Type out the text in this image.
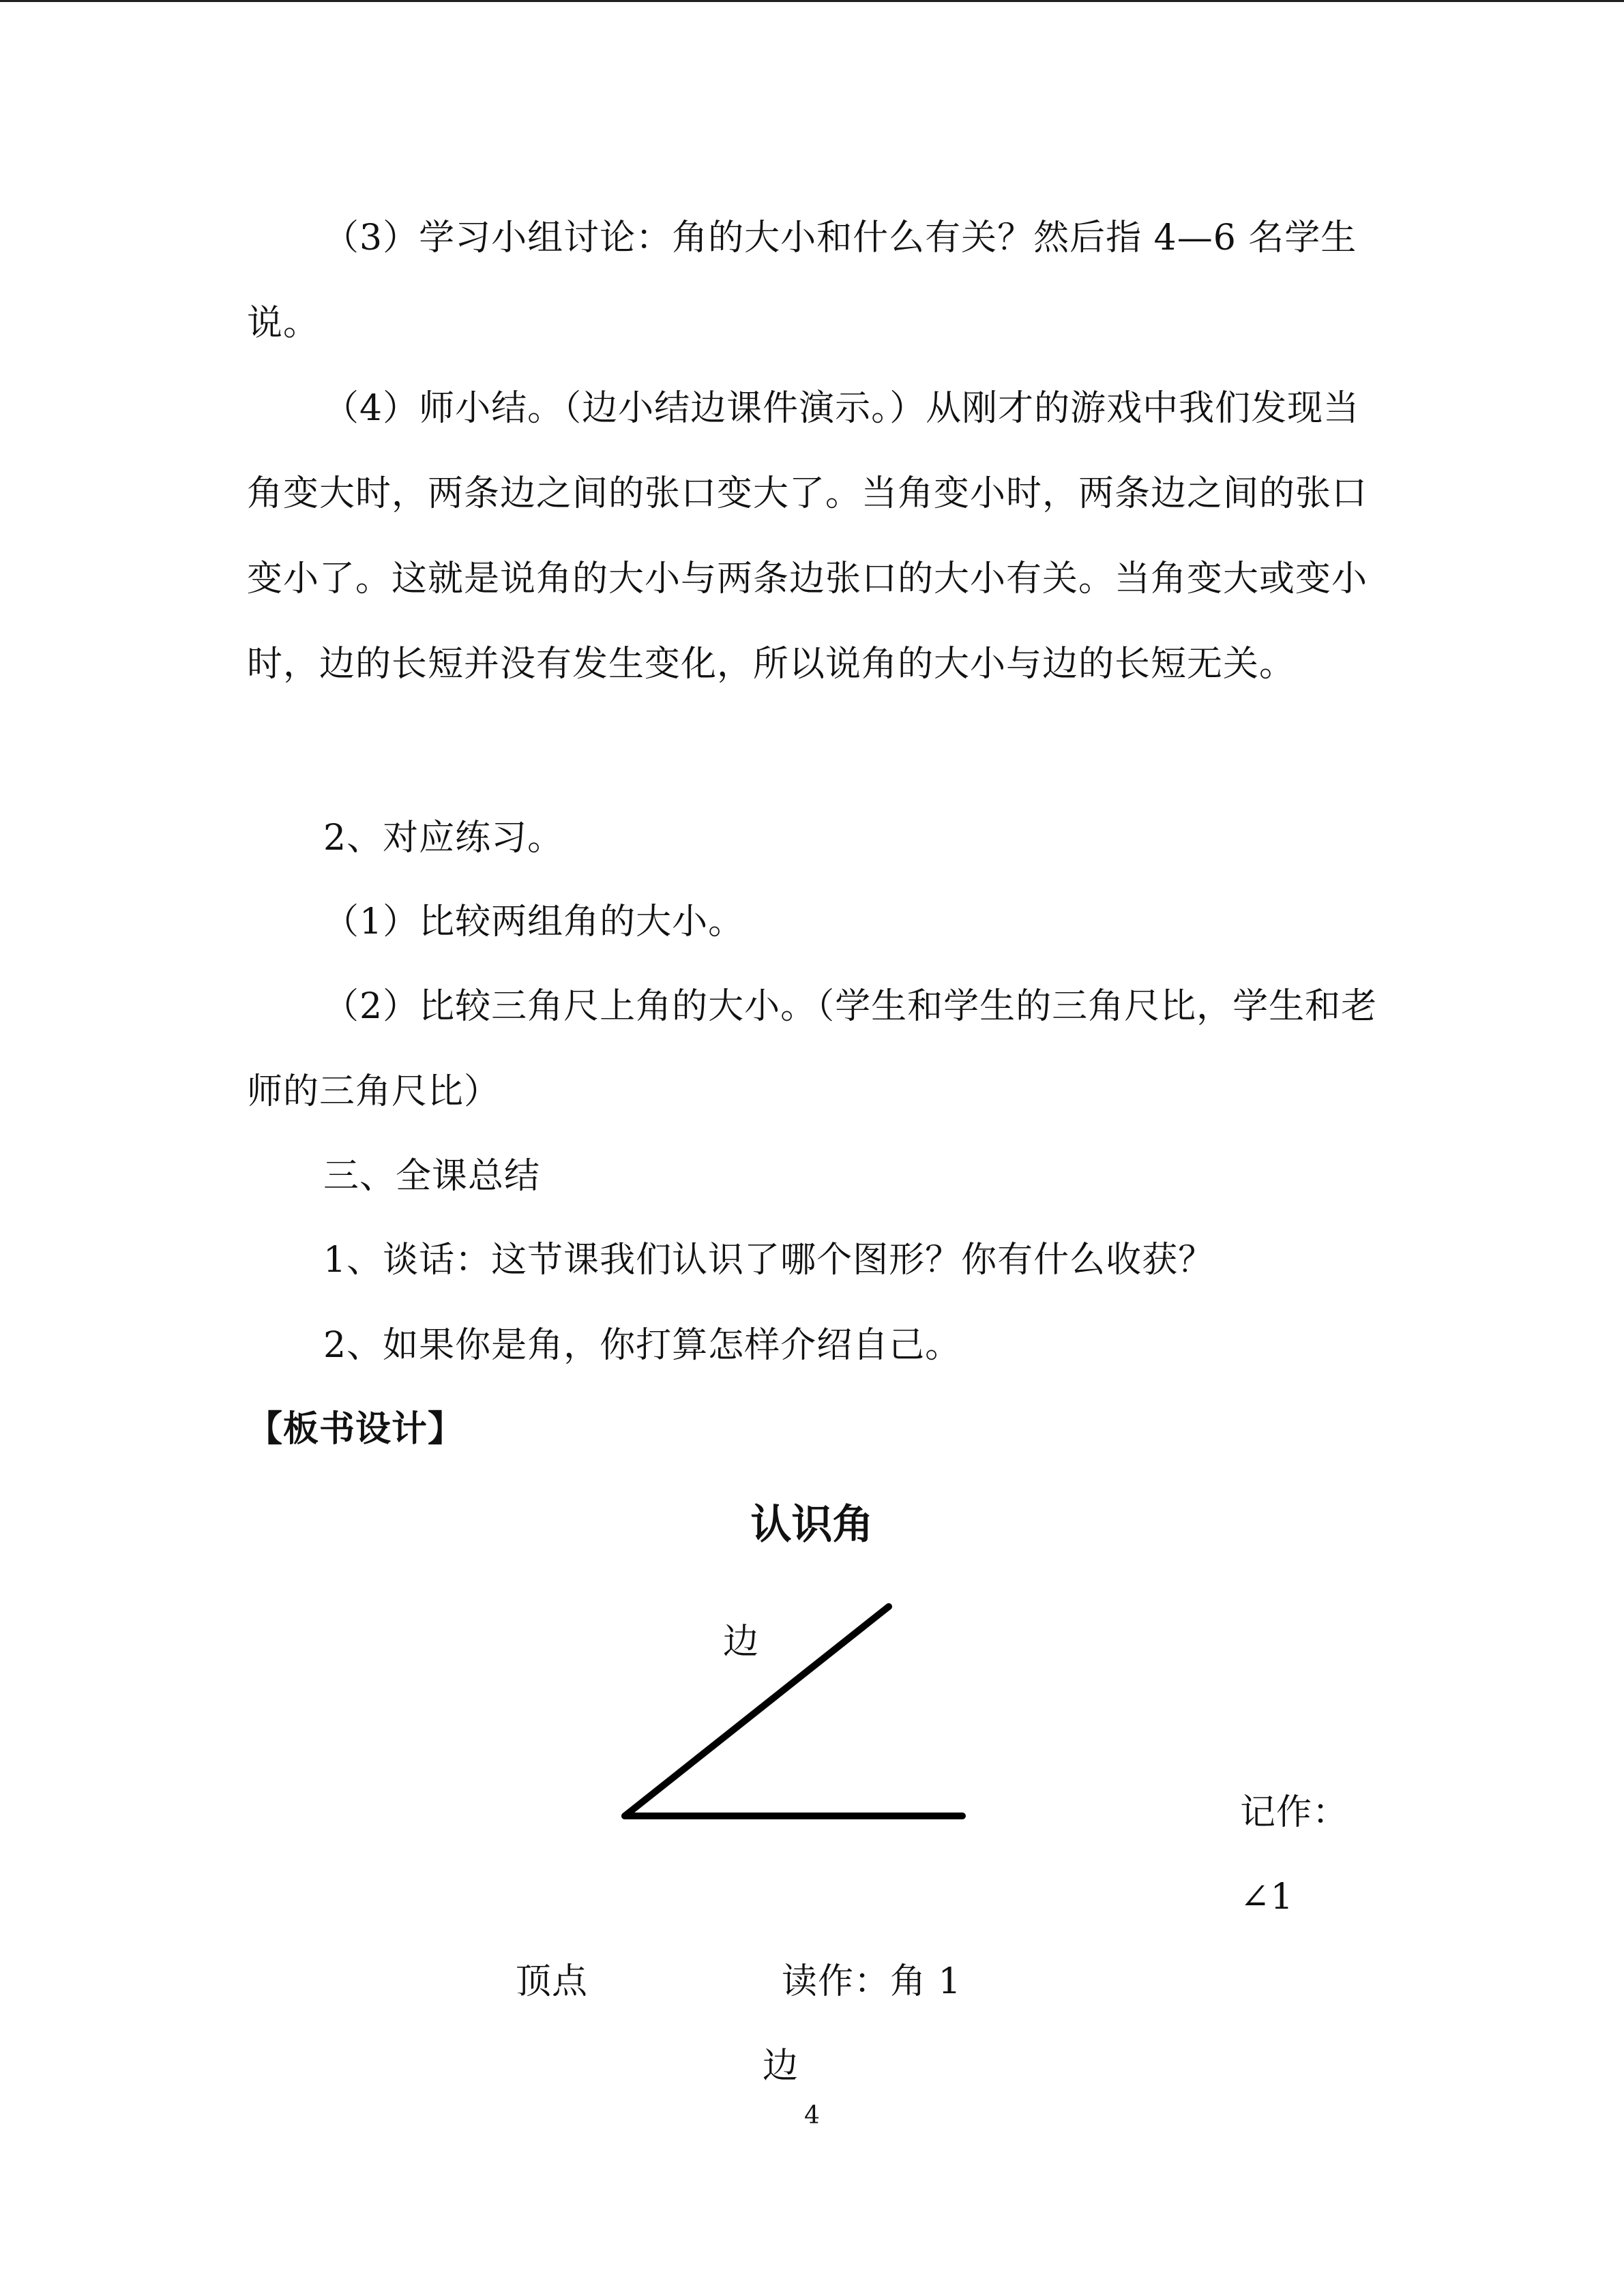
（3）学习小组讨论：角的大小和什么有关？然后指 4—6 名学生说。

（4）师小结。（边小结边课件演示。）从刚才的游戏中我们发现当角变大时，两条边之间的张口变大了。当角变小时，两条边之间的张口变小了。这就是说角的大小与两条边张口的大小有关。当角变大或变小时，边的长短并没有发生变化，所以说角的大小与边的长短无关。

2、对应练习。
（1）比较两组角的大小。

（2）比较三角尺上角的大小。（学生和学生的三角尺比，学生和老师的三角尺比）

三、全课总结
1、谈话：这节课我们认识了哪个图形？你有什么收获？
2、如果你是角，你打算怎样介绍自己。
【板书设计】
认识角
边
记作：
∠1
顶点	读作：角 1
边
4
